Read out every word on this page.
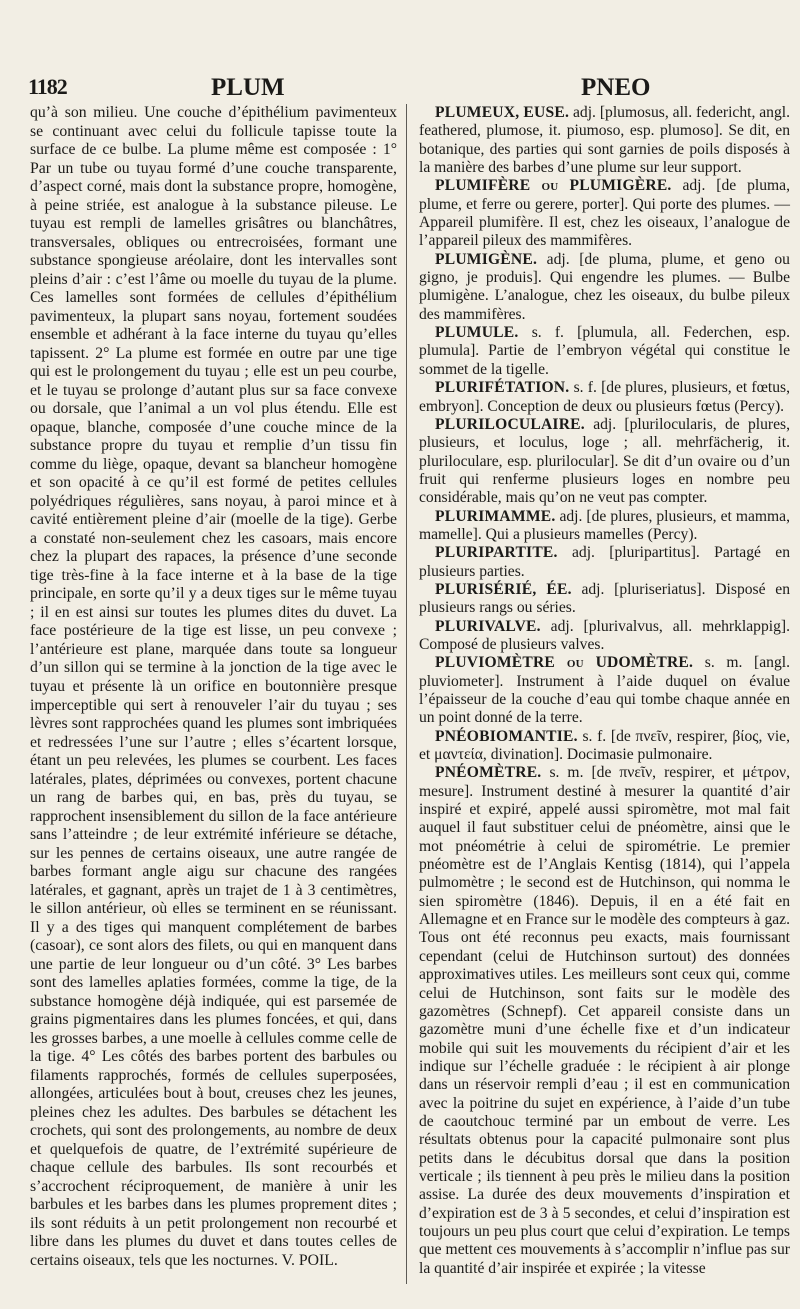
1182	PLUM	PNEO

qu’à son milieu. Une couche d’épithélium pavimenteux se continuant avec celui du follicule tapisse toute la surface de ce bulbe. La plume même est composée : 1° Par un tube ou tuyau formé d’une couche transparente, d’aspect corné, mais dont la substance propre, homogène, à peine striée, est analogue à la substance pileuse. Le tuyau est rempli de lamelles grisâtres ou blanchâtres, transversales, obliques ou entrecroisées, formant une substance spongieuse aréolaire, dont les intervalles sont pleins d’air : c’est l’âme ou moelle du tuyau de la plume. Ces lamelles sont formées de cellules d’épithélium pavimenteux, la plupart sans noyau, fortement soudées ensemble et adhérant à la face interne du tuyau qu’elles tapissent. 2° La plume est formée en outre par une tige qui est le prolongement du tuyau ; elle est un peu courbe, et le tuyau se prolonge d’autant plus sur sa face convexe ou dorsale, que l’animal a un vol plus étendu. Elle est opaque, blanche, composée d’une couche mince de la substance propre du tuyau et remplie d’un tissu fin comme du liège, opaque, devant sa blancheur homogène et son opacité à ce qu’il est formé de petites cellules polyédriques régulières, sans noyau, à paroi mince et à cavité entièrement pleine d’air (moelle de la tige). Gerbe a constaté non-seulement chez les casoars, mais encore chez la plupart des rapaces, la présence d’une seconde tige très-fine à la face interne et à la base de la tige principale, en sorte qu’il y a deux tiges sur le même tuyau ; il en est ainsi sur toutes les plumes dites du duvet. La face postérieure de la tige est lisse, un peu convexe ; l’antérieure est plane, marquée dans toute sa longueur d’un sillon qui se termine à la jonction de la tige avec le tuyau et présente là un orifice en boutonnière presque imperceptible qui sert à renouveler l’air du tuyau ; ses lèvres sont rapprochées quand les plumes sont imbriquées et redressées l’une sur l’autre ; elles s’écartent lorsque, étant un peu relevées, les plumes se courbent. Les faces latérales, plates, déprimées ou convexes, portent chacune un rang de barbes qui, en bas, près du tuyau, se rapprochent insensiblement du sillon de la face antérieure sans l’atteindre ; de leur extrémité inférieure se détache, sur les pennes de certains oiseaux, une autre rangée de barbes formant angle aigu sur chacune des rangées latérales, et gagnant, après un trajet de 1 à 3 centimètres, le sillon antérieur, où elles se terminent en se réunissant. Il y a des tiges qui manquent complétement de barbes (casoar), ce sont alors des filets, ou qui en manquent dans une partie de leur longueur ou d’un côté. 3° Les barbes sont des lamelles aplaties formées, comme la tige, de la substance homogène déjà indiquée, qui est parsemée de grains pigmentaires dans les plumes foncées, et qui, dans les grosses barbes, a une moelle à cellules comme celle de la tige. 4° Les côtés des barbes portent des barbules ou filaments rapprochés, formés de cellules superposées, allongées, articulées bout à bout, creuses chez les jeunes, pleines chez les adultes. Des barbules se détachent les crochets, qui sont des prolongements, au nombre de deux et quelquefois de quatre, de l’extrémité supérieure de chaque cellule des barbules. Ils sont recourbés et s’accrochent réciproquement, de manière à unir les barbules et les barbes dans les plumes proprement dites ; ils sont réduits à un petit prolongement non recourbé et libre dans les plumes du duvet et dans toutes celles de certains oiseaux, tels que les nocturnes. V. POIL.

PLUMEUX, EUSE. adj. [plumosus, all. federicht, angl. feathered, plumose, it. piumoso, esp. plumoso]. Se dit, en botanique, des parties qui sont garnies de poils disposés à la manière des barbes d’une plume sur leur support.

PLUMIFÈRE ou PLUMIGÈRE. adj. [de pluma, plume, et ferre ou gerere, porter]. Qui porte des plumes. — Appareil plumifère. Il est, chez les oiseaux, l’analogue de l’appareil pileux des mammifères.

PLUMIGÈNE. adj. [de pluma, plume, et geno ou gigno, je produis]. Qui engendre les plumes. — Bulbe plumigène. L’analogue, chez les oiseaux, du bulbe pileux des mammifères.

PLUMULE. s. f. [plumula, all. Federchen, esp. plumula]. Partie de l’embryon végétal qui constitue le sommet de la tigelle.

PLURIFÉTATION. s. f. [de plures, plusieurs, et fœtus, embryon]. Conception de deux ou plusieurs fœtus (Percy).

PLURILOCULAIRE. adj. [plurilocularis, de plures, plusieurs, et loculus, loge ; all. mehrfächerig, it. pluriloculare, esp. plurilocular]. Se dit d’un ovaire ou d’un fruit qui renferme plusieurs loges en nombre peu considérable, mais qu’on ne veut pas compter.

PLURIMAMME. adj. [de plures, plusieurs, et mamma, mamelle]. Qui a plusieurs mamelles (Percy).

PLURIPARTITE. adj. [pluripartitus]. Partagé en plusieurs parties.

PLURISÉRIÉ, ÉE. adj. [pluriseriatus]. Disposé en plusieurs rangs ou séries.

PLURIVALVE. adj. [plurivalvus, all. mehrklappig]. Composé de plusieurs valves.

PLUVIOMÈTRE ou UDOMÈTRE. s. m. [angl. pluviometer]. Instrument à l’aide duquel on évalue l’épaisseur de la couche d’eau qui tombe chaque année en un point donné de la terre.

PNÉOBIOMANTIE. s. f. [de πνεῖν, respirer, βίος, vie, et μαντεία, divination]. Docimasie pulmonaire.

PNÉOMÈTRE. s. m. [de πνεῖν, respirer, et μέτρον, mesure]. Instrument destiné à mesurer la quantité d’air inspiré et expiré, appelé aussi spiromètre, mot mal fait auquel il faut substituer celui de pnéomètre, ainsi que le mot pnéométrie à celui de spirométrie. Le premier pnéomètre est de l’Anglais Kentisg (1814), qui l’appela pulmomètre ; le second est de Hutchinson, qui nomma le sien spiromètre (1846). Depuis, il en a été fait en Allemagne et en France sur le modèle des compteurs à gaz. Tous ont été reconnus peu exacts, mais fournissant cependant (celui de Hutchinson surtout) des données approximatives utiles. Les meilleurs sont ceux qui, comme celui de Hutchinson, sont faits sur le modèle des gazomètres (Schnepf). Cet appareil consiste dans un gazomètre muni d’une échelle fixe et d’un indicateur mobile qui suit les mouvements du récipient d’air et les indique sur l’échelle graduée : le récipient à air plonge dans un réservoir rempli d’eau ; il est en communication avec la poitrine du sujet en expérience, à l’aide d’un tube de caoutchouc terminé par un embout de verre. Les résultats obtenus pour la capacité pulmonaire sont plus petits dans le décubitus dorsal que dans la position verticale ; ils tiennent à peu près le milieu dans la position assise. La durée des deux mouvements d’inspiration et d’expiration est de 3 à 5 secondes, et celui d’inspiration est toujours un peu plus court que celui d’expiration. Le temps que mettent ces mouvements à s’accomplir n’influe pas sur la quantité d’air inspirée et expirée ; la vitesse
